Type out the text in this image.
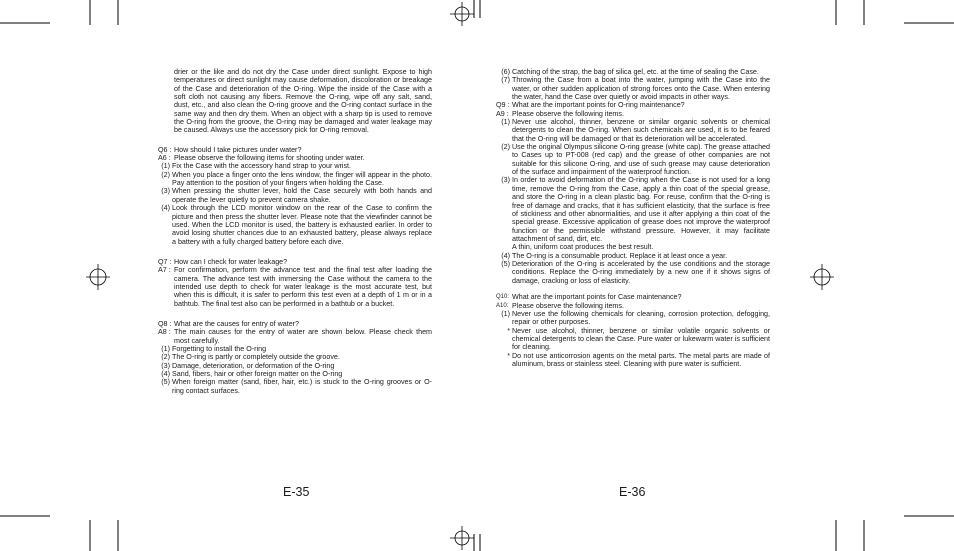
drier or the like and do not dry the Case under direct sunlight. Expose to high temperatures or direct sunlight may cause deformation, discoloration or breakage of the Case and deterioration of the O-ring. Wipe the inside of the Case with a soft cloth not causing any fibers. Remove the O-ring, wipe off any salt, sand, dust, etc., and also clean the O-ring groove and the O-ring contact surface in the same way and then dry them. When an object with a sharp tip is used to remove the O-ring from the groove, the O-ring may be damaged and water leakage may be caused. Always use the accessory pick for O-ring removal.

Q6 : How should I take pictures under water?
A6 : Please observe the following items for shooting under water.
(1) Fix the Case with the accessory hand strap to your wrist.
(2) When you place a finger onto the lens window, the finger will appear in the photo. Pay attention to the position of your fingers when holding the Case.
(3) When pressing the shutter lever, hold the Case securely with both hands and operate the lever quietly to prevent camera shake.
(4) Look through the LCD monitor window on the rear of the Case to confirm the picture and then press the shutter lever. Please note that the viewfinder cannot be used. When the LCD monitor is used, the battery is exhausted earlier. In order to avoid losing shutter chances due to an exhausted battery, please always replace a battery with a fully charged battery before each dive.
Q7 : How can I check for water leakage?
A7 : For confirmation, perform the advance test and the final test after loading the camera. The advance test with immersing the Case without the camera to the intended use depth to check for water leakage is the most accurate test, but when this is difficult, it is safer to perform this test even at a depth of 1 m or in a bathtub. The final test also can be performed in a bathtub or a bucket.
Q8 : What are the causes for entry of water?
A8 : The main causes for the entry of water are shown below. Please check them most carefully.
(1) Forgetting to install the O-ring
(2) The O-ring is partly or completely outside the groove.
(3) Damage, deterioration, or deformation of the O-ring
(4) Sand, fibers, hair or other foreign matter on the O-ring
(5) When foreign matter (sand, fiber, hair, etc.) is stuck to the O-ring grooves or O-ring contact surfaces.
E-35
(6) Catching of the strap, the bag of silica gel, etc. at the time of sealing the Case.
(7) Throwing the Case from a boat into the water, jumping with the Case into the water, or other sudden application of strong forces onto the Case. When entering the water, hand the Case over quietly or avoid impacts in other ways.
Q9 : What are the important points for O-ring maintenance?
A9 : Please observe the following items.
(1) Never use alcohol, thinner, benzene or similar organic solvents or chemical detergents to clean the O-ring. When such chemicals are used, it is to be feared that the O-ring will be damaged or that its deterioration will be accelerated.
(2) Use the original Olympus silicone O-ring grease (white cap). The grease attached to Cases up to PT-008 (red cap) and the grease of other companies are not suitable for this silicone O-ring, and use of such grease may cause deterioration of the surface and impairment of the waterproof function.
(3) In order to avoid deformation of the O-ring when the Case is not used for a long time, remove the O-ring from the Case, apply a thin coat of the special grease, and store the O-ring in a clean plastic bag. For reuse, confirm that the O-ring is free of damage and cracks, that it has sufficient elasticity, that the surface is free of stickiness and other abnormalities, and use it after applying a thin coat of the special grease. Excessive application of grease does not improve the waterproof function or the permissible withstand pressure. However, it may facilitate attachment of sand, dirt, etc.
A thin, uniform coat produces the best result.
(4) The O-ring is a consumable product. Replace it at least once a year.
(5) Deterioration of the O-ring is accelerated by the use conditions and the storage conditions. Replace the O-ring immediately by a new one if it shows signs of damage, cracking or loss of elasticity.
Q10: What are the important points for Case maintenance?
A10: Please observe the following items.
(1) Never use the following chemicals for cleaning, corrosion protection, defogging, repair or other purposes.
* Never use alcohol, thinner, benzene or similar volatile organic solvents or chemical detergents to clean the Case. Pure water or lukewarm water is sufficient for cleaning.
* Do not use anticorrosion agents on the metal parts. The metal parts are made of aluminum, brass or stainless steel. Cleaning with pure water is sufficient.
E-36
